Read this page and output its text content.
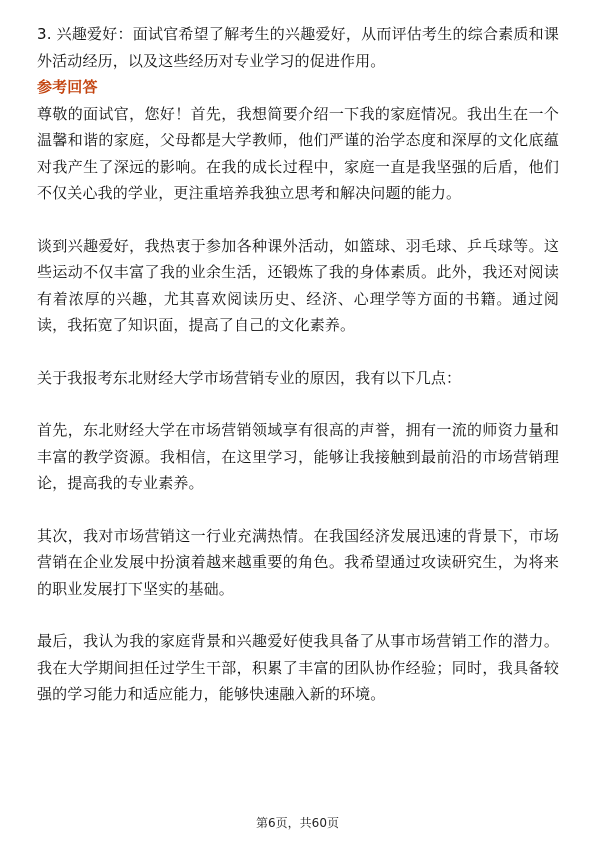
3. 兴趣爱好：面试官希望了解考生的兴趣爱好，从而评估考生的综合素质和课外活动经历，以及这些经历对专业学习的促进作用。

参考回答

尊敬的面试官，您好！首先，我想简要介绍一下我的家庭情况。我出生在一个温馨和谐的家庭，父母都是大学教师，他们严谨的治学态度和深厚的文化底蕴对我产生了深远的影响。在我的成长过程中，家庭一直是我坚强的后盾，他们不仅关心我的学业，更注重培养我独立思考和解决问题的能力。

谈到兴趣爱好，我热衷于参加各种课外活动，如篮球、羽毛球、乒乓球等。这些运动不仅丰富了我的业余生活，还锻炼了我的身体素质。此外，我还对阅读有着浓厚的兴趣，尤其喜欢阅读历史、经济、心理学等方面的书籍。通过阅读，我拓宽了知识面，提高了自己的文化素养。

关于我报考东北财经大学市场营销专业的原因，我有以下几点：

首先，东北财经大学在市场营销领域享有很高的声誉，拥有一流的师资力量和丰富的教学资源。我相信，在这里学习，能够让我接触到最前沿的市场营销理论，提高我的专业素养。

其次，我对市场营销这一行业充满热情。在我国经济发展迅速的背景下，市场营销在企业发展中扮演着越来越重要的角色。我希望通过攻读研究生，为将来的职业发展打下坚实的基础。

最后，我认为我的家庭背景和兴趣爱好使我具备了从事市场营销工作的潜力。我在大学期间担任过学生干部，积累了丰富的团队协作经验；同时，我具备较强的学习能力和适应能力，能够快速融入新的环境。

第6页，共60页
